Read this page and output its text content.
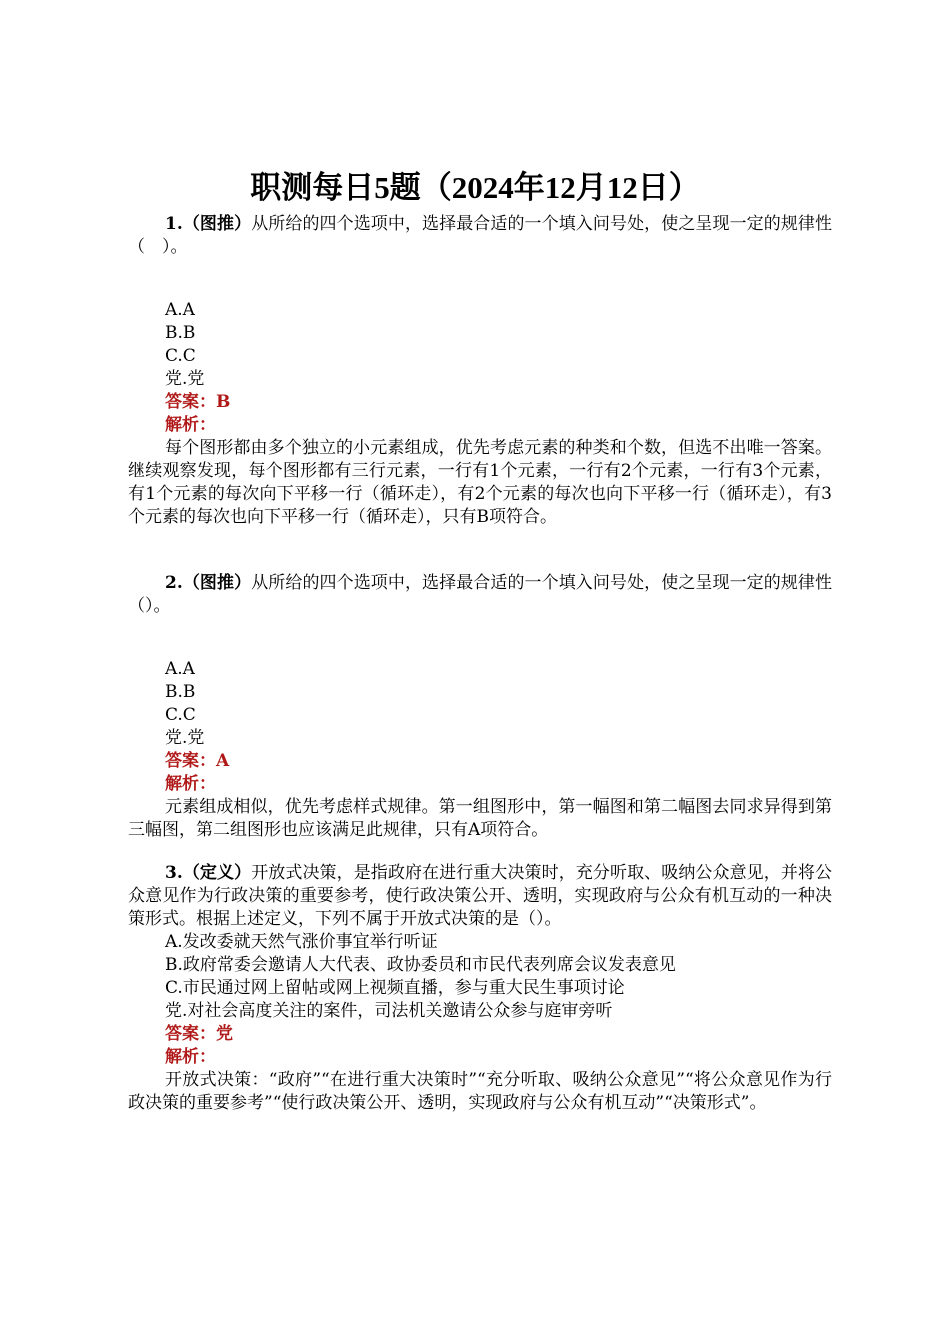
职测每日5题（2024年12月12日）

1.（图推）从所给的四个选项中，选择最合适的一个填入问号处，使之呈现一定的规律性（　）。

A.A

B.B

C.C

党.党

答案：B

解析：

每个图形都由多个独立的小元素组成，优先考虑元素的种类和个数，但选不出唯一答案。继续观察发现，每个图形都有三行元素，一行有1个元素，一行有2个元素，一行有3个元素，有1个元素的每次向下平移一行（循环走），有2个元素的每次也向下平移一行（循环走），有3个元素的每次也向下平移一行（循环走），只有B项符合。

2.（图推）从所给的四个选项中，选择最合适的一个填入问号处，使之呈现一定的规律性（）。

A.A

B.B

C.C

党.党

答案：A

解析：

元素组成相似，优先考虑样式规律。第一组图形中，第一幅图和第二幅图去同求异得到第三幅图，第二组图形也应该满足此规律，只有A项符合。

3.（定义）开放式决策，是指政府在进行重大决策时，充分听取、吸纳公众意见，并将公众意见作为行政决策的重要参考，使行政决策公开、透明，实现政府与公众有机互动的一种决策形式。根据上述定义，下列不属于开放式决策的是（）。

A.发改委就天然气涨价事宜举行听证

B.政府常委会邀请人大代表、政协委员和市民代表列席会议发表意见

C.市民通过网上留帖或网上视频直播，参与重大民生事项讨论

党.对社会高度关注的案件，司法机关邀请公众参与庭审旁听

答案：党

解析：

开放式决策：“政府”“在进行重大决策时”“充分听取、吸纳公众意见”“将公众意见作为行政决策的重要参考”“使行政决策公开、透明，实现政府与公众有机互动”“决策形式”。
